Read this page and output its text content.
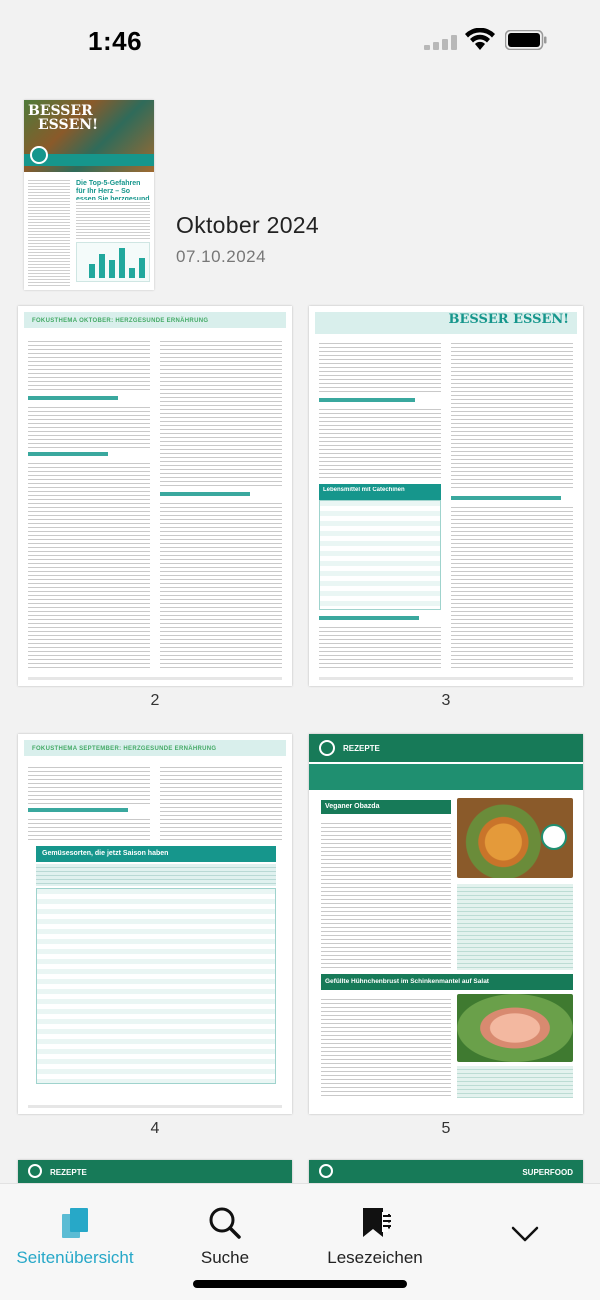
1:46
BESSER
ESSEN!
Die Top-5-Gefahren für Ihr Herz – So
Oktober 2024
07.10.2024
FOKUSTHEMA OKTOBER: HERZGESUNDE ERNÄHRUNG
2
BESSER ESSEN!
Lebensmittel mit Catechinen
3
FOKUSTHEMA SEPTEMBER: HERZGESUNDE ERNÄHRUNG
Gemüsesorten, die jetzt Saison haben
4
REZEPTE
Veganer Obazda
Gefüllte Hühnchenbrust im Schinkenmantel auf Salat
5
REZEPTE	SUPERFOOD
Seitenübersicht	Suche	Lesezeichen
